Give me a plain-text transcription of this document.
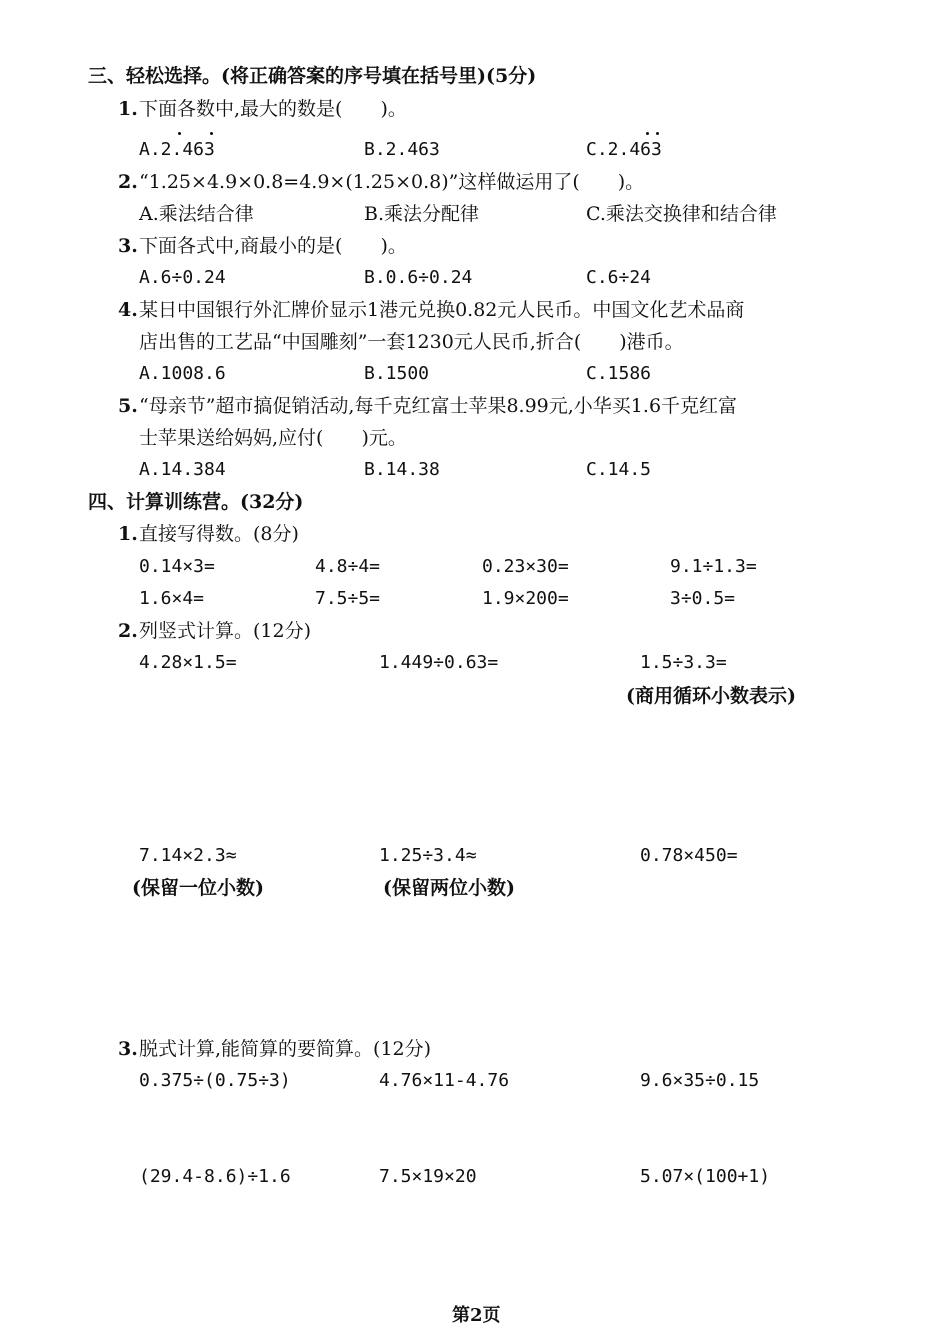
三、轻松选择。(将正确答案的序号填在括号里)(5分)
1. 下面各数中,最大的数是(　　)。
A.2.463	B.2.463	C.2.463
2. “1.25×4.9×0.8=4.9×(1.25×0.8)”这样做运用了(　　)。
A.乘法结合律	B.乘法分配律	C.乘法交换律和结合律
3. 下面各式中,商最小的是(　　)。
A.6÷0.24	B.0.6÷0.24	C.6÷24
4. 某日中国银行外汇牌价显示1港元兑换0.82元人民币。中国文化艺术品商
店出售的工艺品“中国雕刻”一套1230元人民币,折合(　　)港币。
A.1008.6	B.1500	C.1586
5. “母亲节”超市搞促销活动,每千克红富士苹果8.99元,小华买1.6千克红富
士苹果送给妈妈,应付(　　)元。
A.14.384	B.14.38	C.14.5
四、计算训练营。(32分)
1. 直接写得数。(8分)
0.14×3=	4.8÷4=	0.23×30=	9.1÷1.3=
1.6×4=	7.5÷5=	1.9×200=	3÷0.5=
2. 列竖式计算。(12分)
4.28×1.5=	1.449÷0.63=	1.5÷3.3=
(商用循环小数表示)
7.14×2.3≈	1.25÷3.4≈	0.78×450=
(保留一位小数)	(保留两位小数)
3. 脱式计算,能简算的要简算。(12分)
0.375÷(0.75÷3)	4.76×11-4.76	9.6×35÷0.15
(29.4-8.6)÷1.6	7.5×19×20	5.07×(100+1)
第2页
